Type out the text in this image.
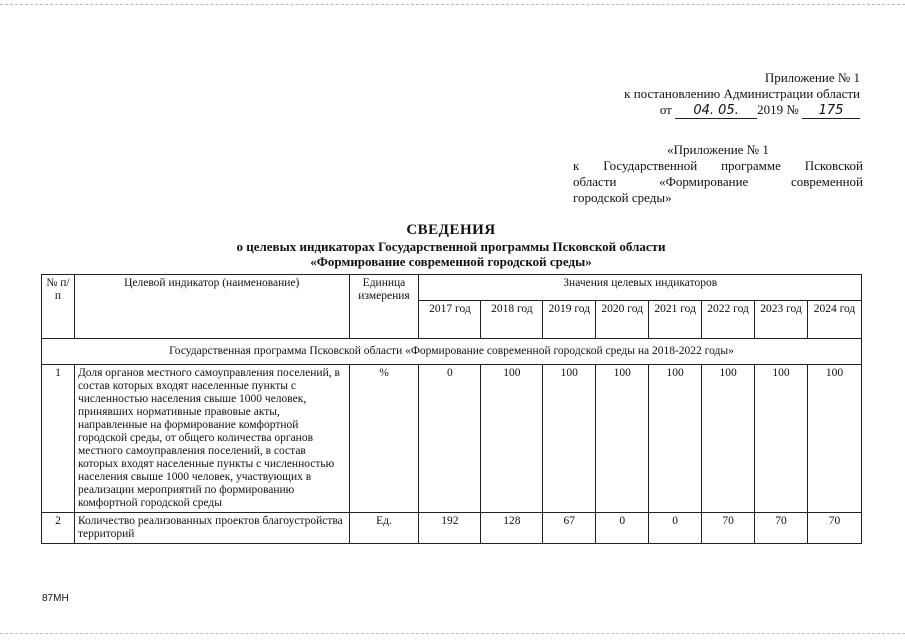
Приложение № 1
к постановлению Администрации области
от 04. 05. 2019 № 175
«Приложение № 1
к Государственной программе Псковской
области «Формирование современной
городской среды»
СВЕДЕНИЯ
о целевых индикаторах Государственной программы Псковской области
«Формирование современной городской среды»
№ п/п	Целевой индикатор (наименование)	Единица измерения	Значения целевых индикаторов							
			2017 год	2018 год	2019 год	2020 год	2021 год	2022 год	2023 год	2024 год
Государственная программа Псковской области «Формирование современной городской среды на 2018-2022 годы»										
1	Доля органов местного самоуправления поселений, в состав которых входят населенные пункты с численностью населения свыше 1000 человек, принявших нормативные правовые акты, направленные на формирование комфортной городской среды, от общего количества органов местного самоуправления поселений, в состав которых входят населенные пункты с численностью населения свыше 1000 человек, участвующих в реализации мероприятий по формированию комфортной городской среды	%	0	100	100	100	100	100	100	100
2	Количество реализованных проектов благоустройства территорий	Ед.	192	128	67	0	0	70	70	70
87МН
